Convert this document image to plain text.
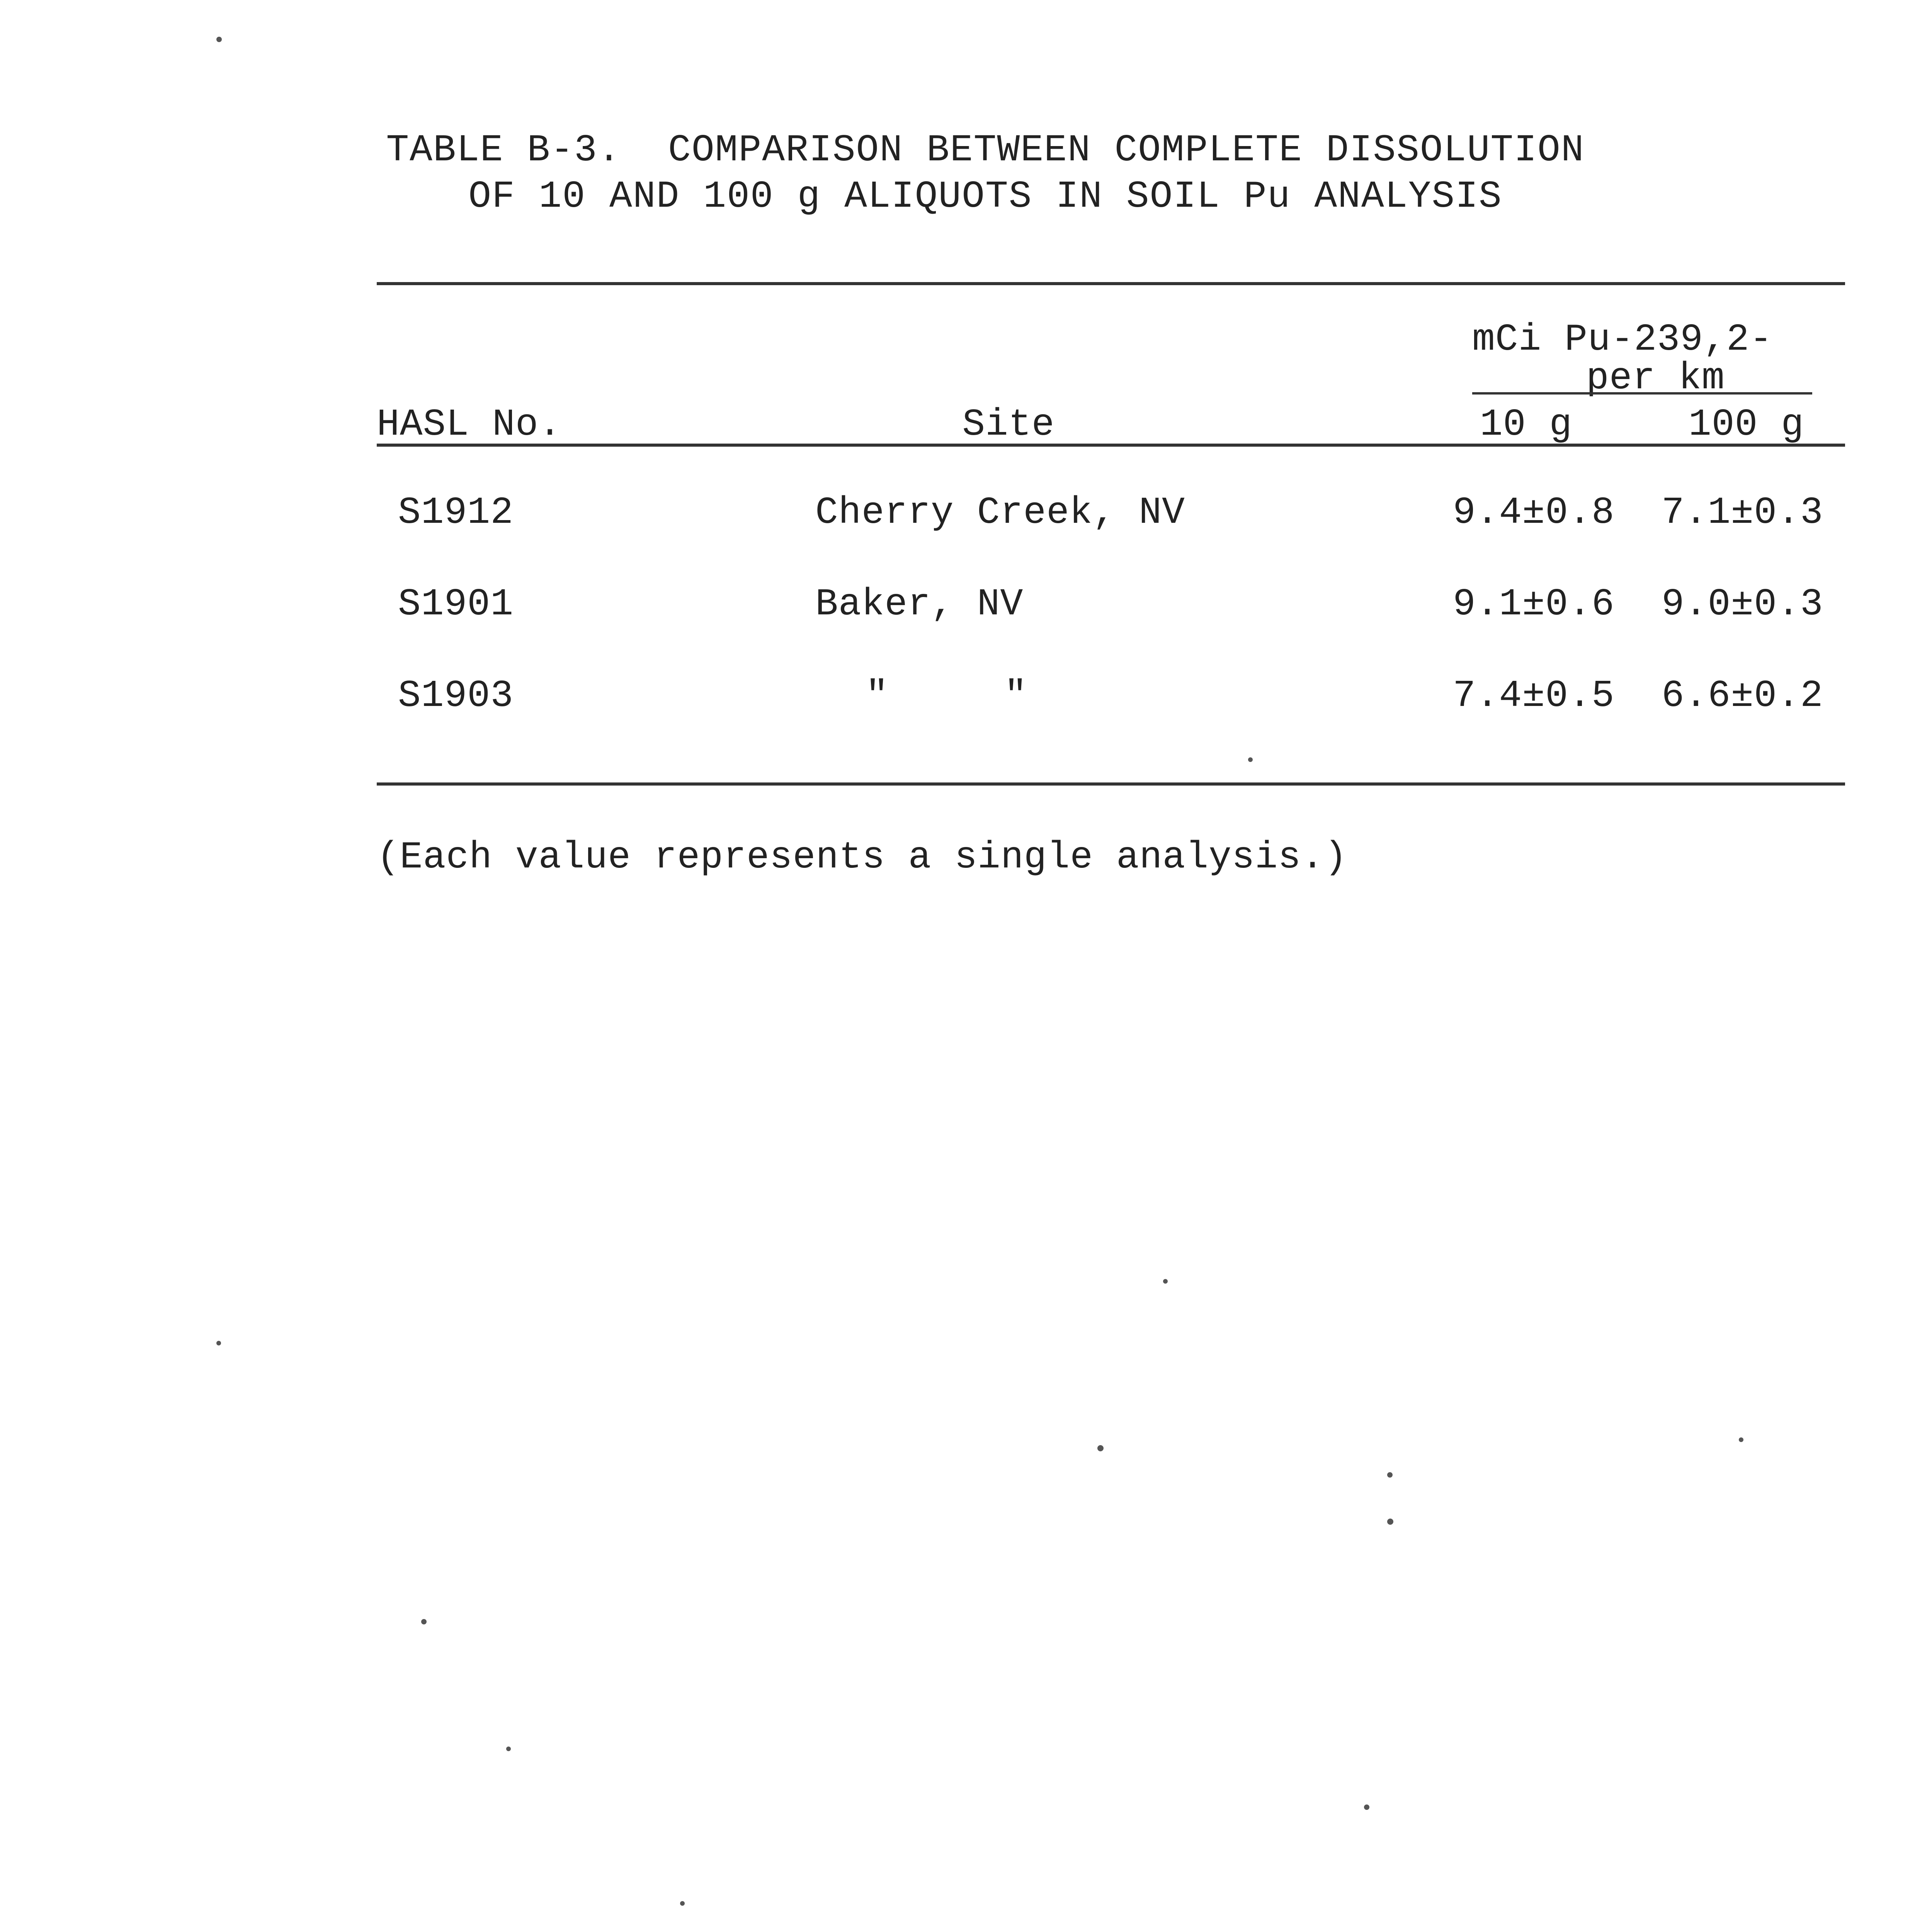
TABLE B-3.  COMPARISON BETWEEN COMPLETE DISSOLUTION
OF 10 AND 100 g ALIQUOTS IN SOIL Pu ANALYSIS
mCi Pu-239,2-
per km
HASL No.	Site	10 g	100 g
S1912	Cherry Creek, NV	9.4±0.8 7.1±0.3
S1901	Baker, NV	9.1±0.6 9.0±0.3
S1903	"     "	7.4±0.5 6.6±0.2
(Each value represents a single analysis.)
